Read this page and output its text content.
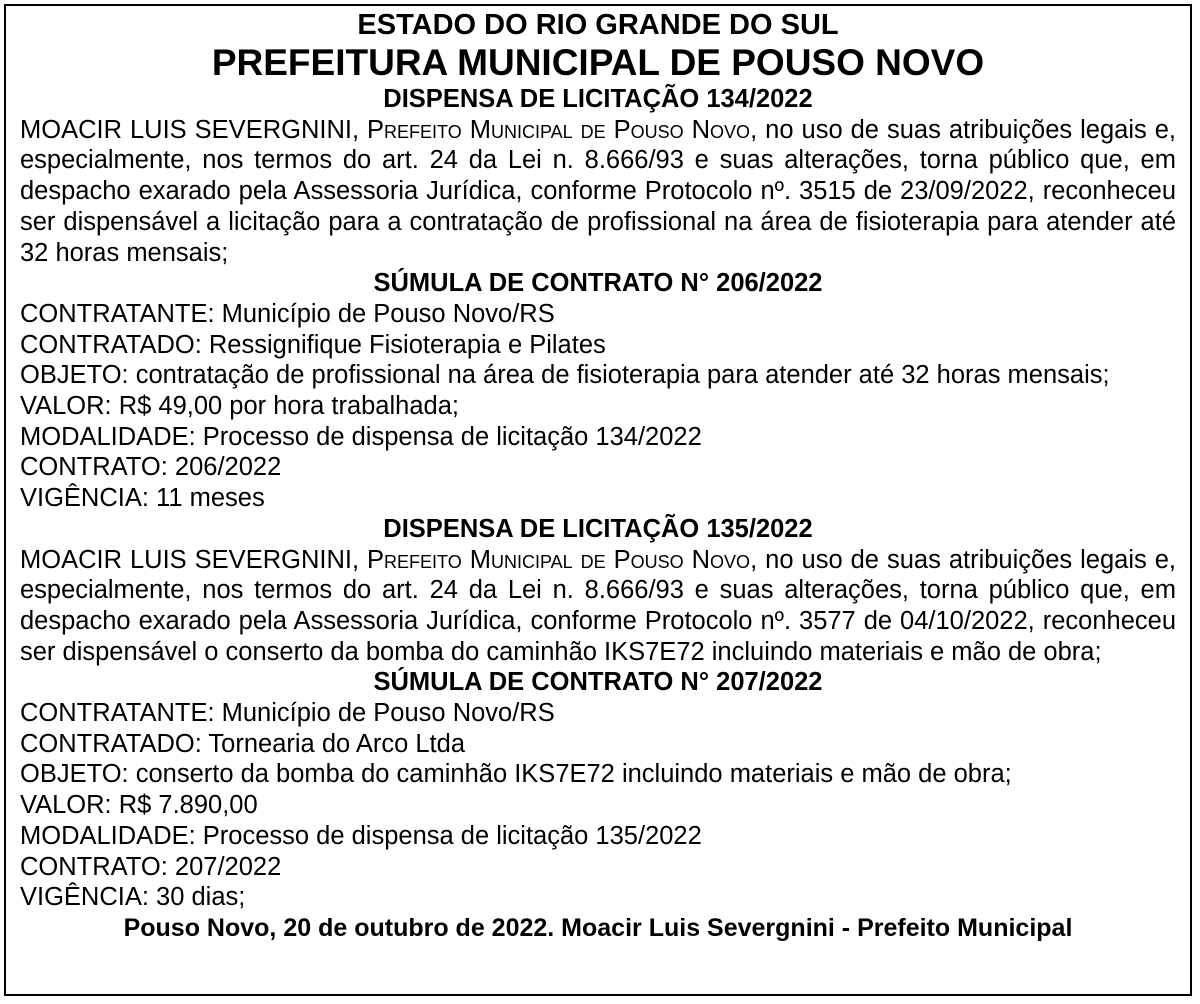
ESTADO DO RIO GRANDE DO SUL
PREFEITURA MUNICIPAL DE POUSO NOVO
DISPENSA DE LICITAÇÃO 134/2022
MOACIR LUIS SEVERGNINI, Prefeito Municipal de Pouso Novo, no uso de suas atribuições legais e, especialmente, nos termos do art. 24 da Lei n. 8.666/93 e suas alterações, torna público que, em despacho exarado pela Assessoria Jurídica, conforme Protocolo nº. 3515 de 23/09/2022, reconheceu ser dispensável a licitação para a contratação de profissional na área de fisioterapia para atender até 32 horas mensais;
SÚMULA DE CONTRATO N° 206/2022
CONTRATANTE: Município de Pouso Novo/RS
CONTRATADO: Ressignifique Fisioterapia e Pilates
OBJETO: contratação de profissional na área de fisioterapia para atender até 32 horas mensais;
VALOR: R$ 49,00 por hora trabalhada;
MODALIDADE: Processo de dispensa de licitação 134/2022
CONTRATO: 206/2022
VIGÊNCIA: 11 meses
DISPENSA DE LICITAÇÃO 135/2022
MOACIR LUIS SEVERGNINI, Prefeito Municipal de Pouso Novo, no uso de suas atribuições legais e, especialmente, nos termos do art. 24 da Lei n. 8.666/93 e suas alterações, torna público que, em despacho exarado pela Assessoria Jurídica, conforme Protocolo nº. 3577 de 04/10/2022, reconheceu ser dispensável o conserto da bomba do caminhão IKS7E72 incluindo materiais e mão de obra;
SÚMULA DE CONTRATO N° 207/2022
CONTRATANTE: Município de Pouso Novo/RS
CONTRATADO: Tornearia do Arco Ltda
OBJETO: conserto da bomba do caminhão IKS7E72 incluindo materiais e mão de obra;
VALOR: R$ 7.890,00
MODALIDADE: Processo de dispensa de licitação 135/2022
CONTRATO: 207/2022
VIGÊNCIA: 30 dias;
Pouso Novo, 20 de outubro de 2022. Moacir Luis Severgnini - Prefeito Municipal
